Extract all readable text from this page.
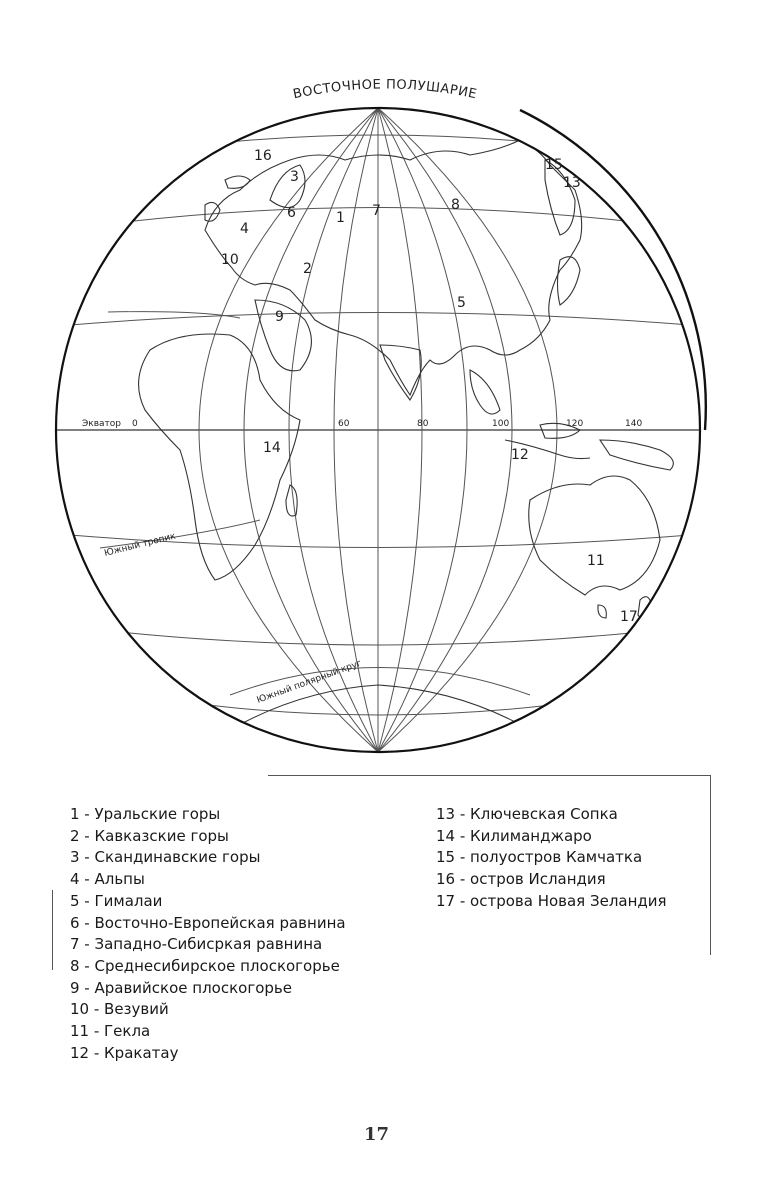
ВОСТОЧНОЕ ПОЛУШАРИЕ
Экватор 0	60	80	100	120	140
Южный тропик
Южный полярный круг
1
2
3
4
5
6	7	8
9
10
11
12
13
14
15
16
17
1 - Уральские горы
2 - Кавказские горы
3 - Скандинавские горы
4 - Альпы
5 - Гималаи
6 - Восточно-Европейская равнина
7 - Западно-Сибисркая равнина
8 - Среднесибирское плоскогорье
9 - Аравийское плоскогорье
10 - Везувий
11 - Гекла
12 - Кракатау
13 - Ключевская Сопка
14 - Килиманджаро
15 - полуостров Камчатка
16 - остров Исландия
17 - острова Новая Зеландия
17
